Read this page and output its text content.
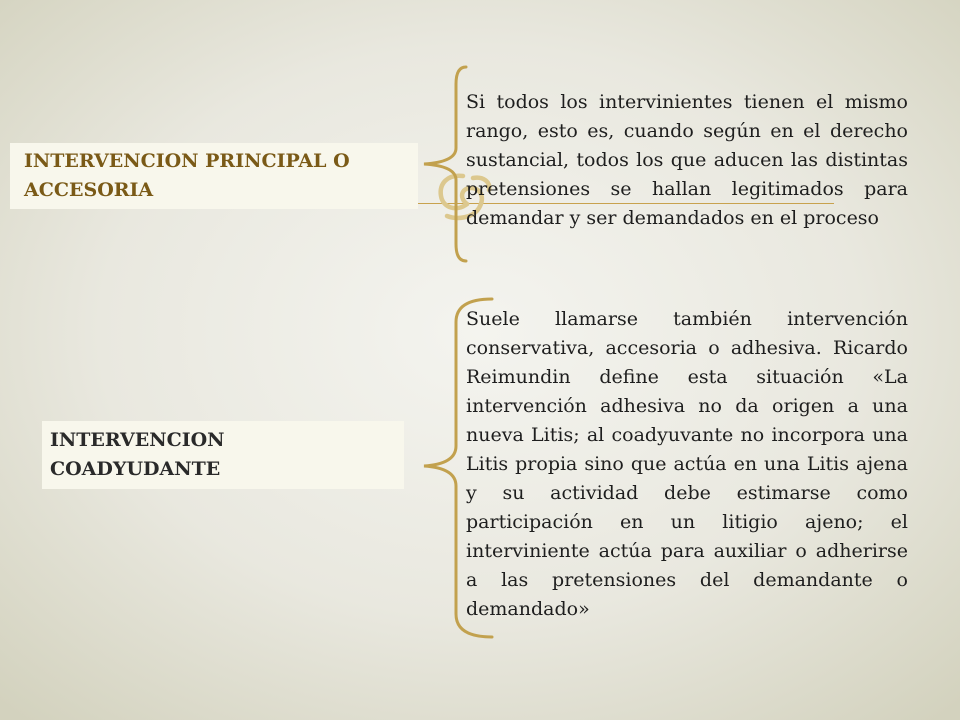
INTERVENCION PRINCIPAL O ACCESORIA

Si todos los intervinientes tienen el mismo rango, esto es, cuando según en el derecho sustancial, todos los que aducen las distintas pretensiones se hallan legitimados para demandar y ser demandados en el proceso

INTERVENCION COADYUDANTE

Suele llamarse también intervención conservativa, accesoria o adhesiva. Ricardo Reimundin define esta situación «La intervención adhesiva no da origen a una nueva Litis; al coadyuvante no incorpora una Litis propia sino que actúa en una Litis ajena y su actividad debe estimarse como participación en un litigio ajeno; el interviniente actúa para auxiliar o adherirse a las pretensiones del demandante o demandado»
